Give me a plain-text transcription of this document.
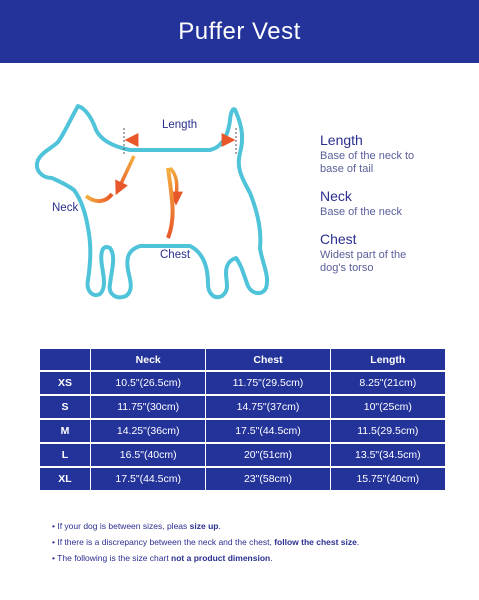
Puffer Vest
Length
Neck
Chest
Length
Base of the neck to
base of tail
Neck
Base of the neck
Chest
Widest part of the
dog's torso
	Neck	Chest	Length
XS	10.5"(26.5cm)	11.75"(29.5cm)	8.25"(21cm)
S	11.75"(30cm)	14.75"(37cm)	10"(25cm)
M	14.25"(36cm)	17.5"(44.5cm)	11.5(29.5cm)
L	16.5"(40cm)	20"(51cm)	13.5"(34.5cm)
XL	17.5"(44.5cm)	23"(58cm)	15.75"(40cm)
• If your dog is between sizes, pleas size up.
• If there is a discrepancy between the neck and the chest, follow the chest size.
• The following is the size chart not a product dimension.
